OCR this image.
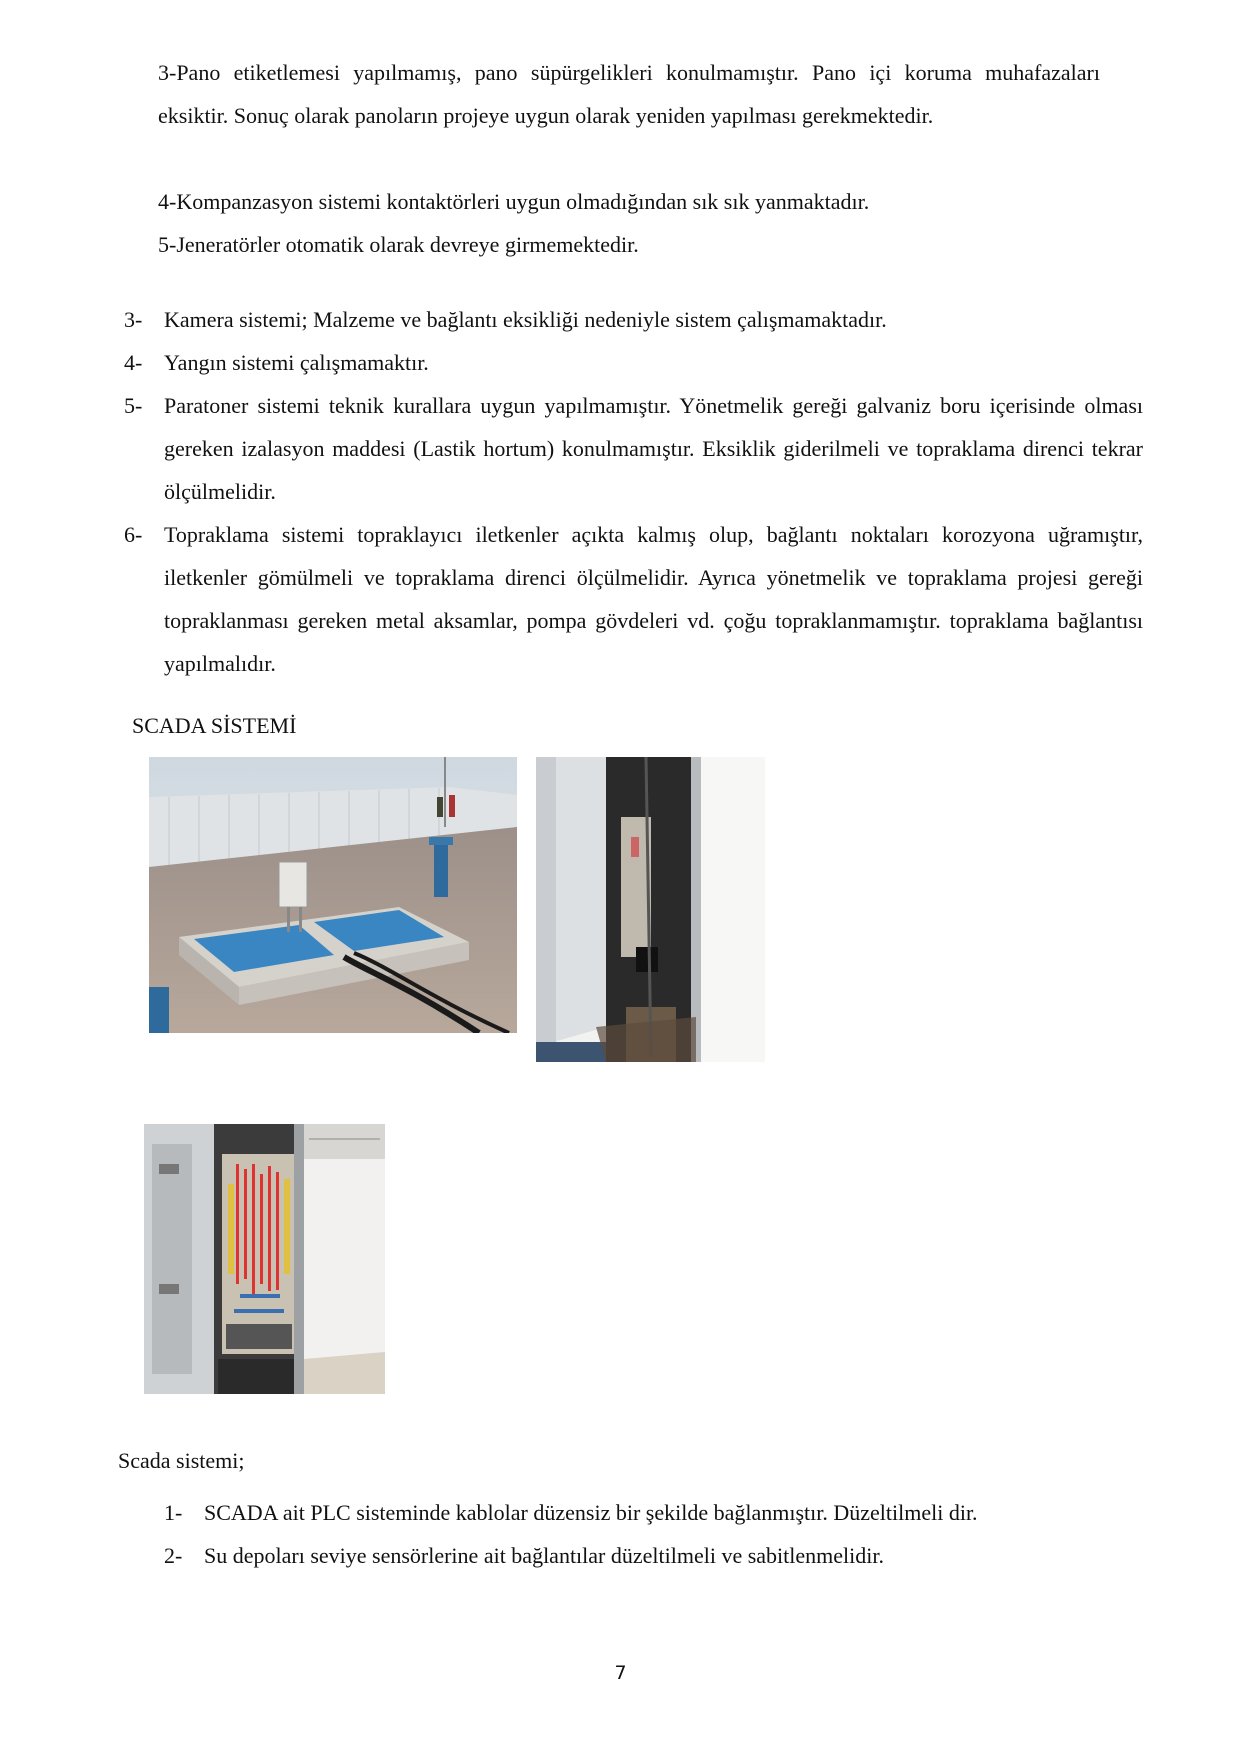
3-Pano etiketlemesi yapılmamış, pano süpürgelikleri konulmamıştır. Pano içi koruma muhafazaları eksiktir. Sonuç olarak panoların projeye uygun olarak yeniden yapılması gerekmektedir.
4-Kompanzasyon sistemi kontaktörleri uygun olmadığından sık sık yanmaktadır.
5-Jeneratörler otomatik olarak devreye girmemektedir.
3- Kamera sistemi; Malzeme ve bağlantı eksikliği nedeniyle sistem çalışmamaktadır.
4- Yangın sistemi çalışmamaktır.
5- Paratoner sistemi teknik kurallara uygun yapılmamıştır. Yönetmelik gereği galvaniz boru içerisinde olması gereken izalasyon maddesi (Lastik hortum) konulmamıştır. Eksiklik giderilmeli ve topraklama direnci tekrar ölçülmelidir.
6- Topraklama sistemi topraklayıcı iletkenler açıkta kalmış olup, bağlantı noktaları korozyona uğramıştır, iletkenler gömülmeli ve topraklama direnci ölçülmelidir. Ayrıca yönetmelik ve topraklama projesi gereği topraklanması gereken metal aksamlar, pompa gövdeleri vd. çoğu topraklanmamıştır. topraklama bağlantısı yapılmalıdır.
SCADA SİSTEMİ
Scada sistemi;
1- SCADA ait PLC sisteminde kablolar düzensiz bir şekilde bağlanmıştır. Düzeltilmeli dir.
2- Su depoları seviye sensörlerine ait bağlantılar düzeltilmeli ve sabitlenmelidir.
7
